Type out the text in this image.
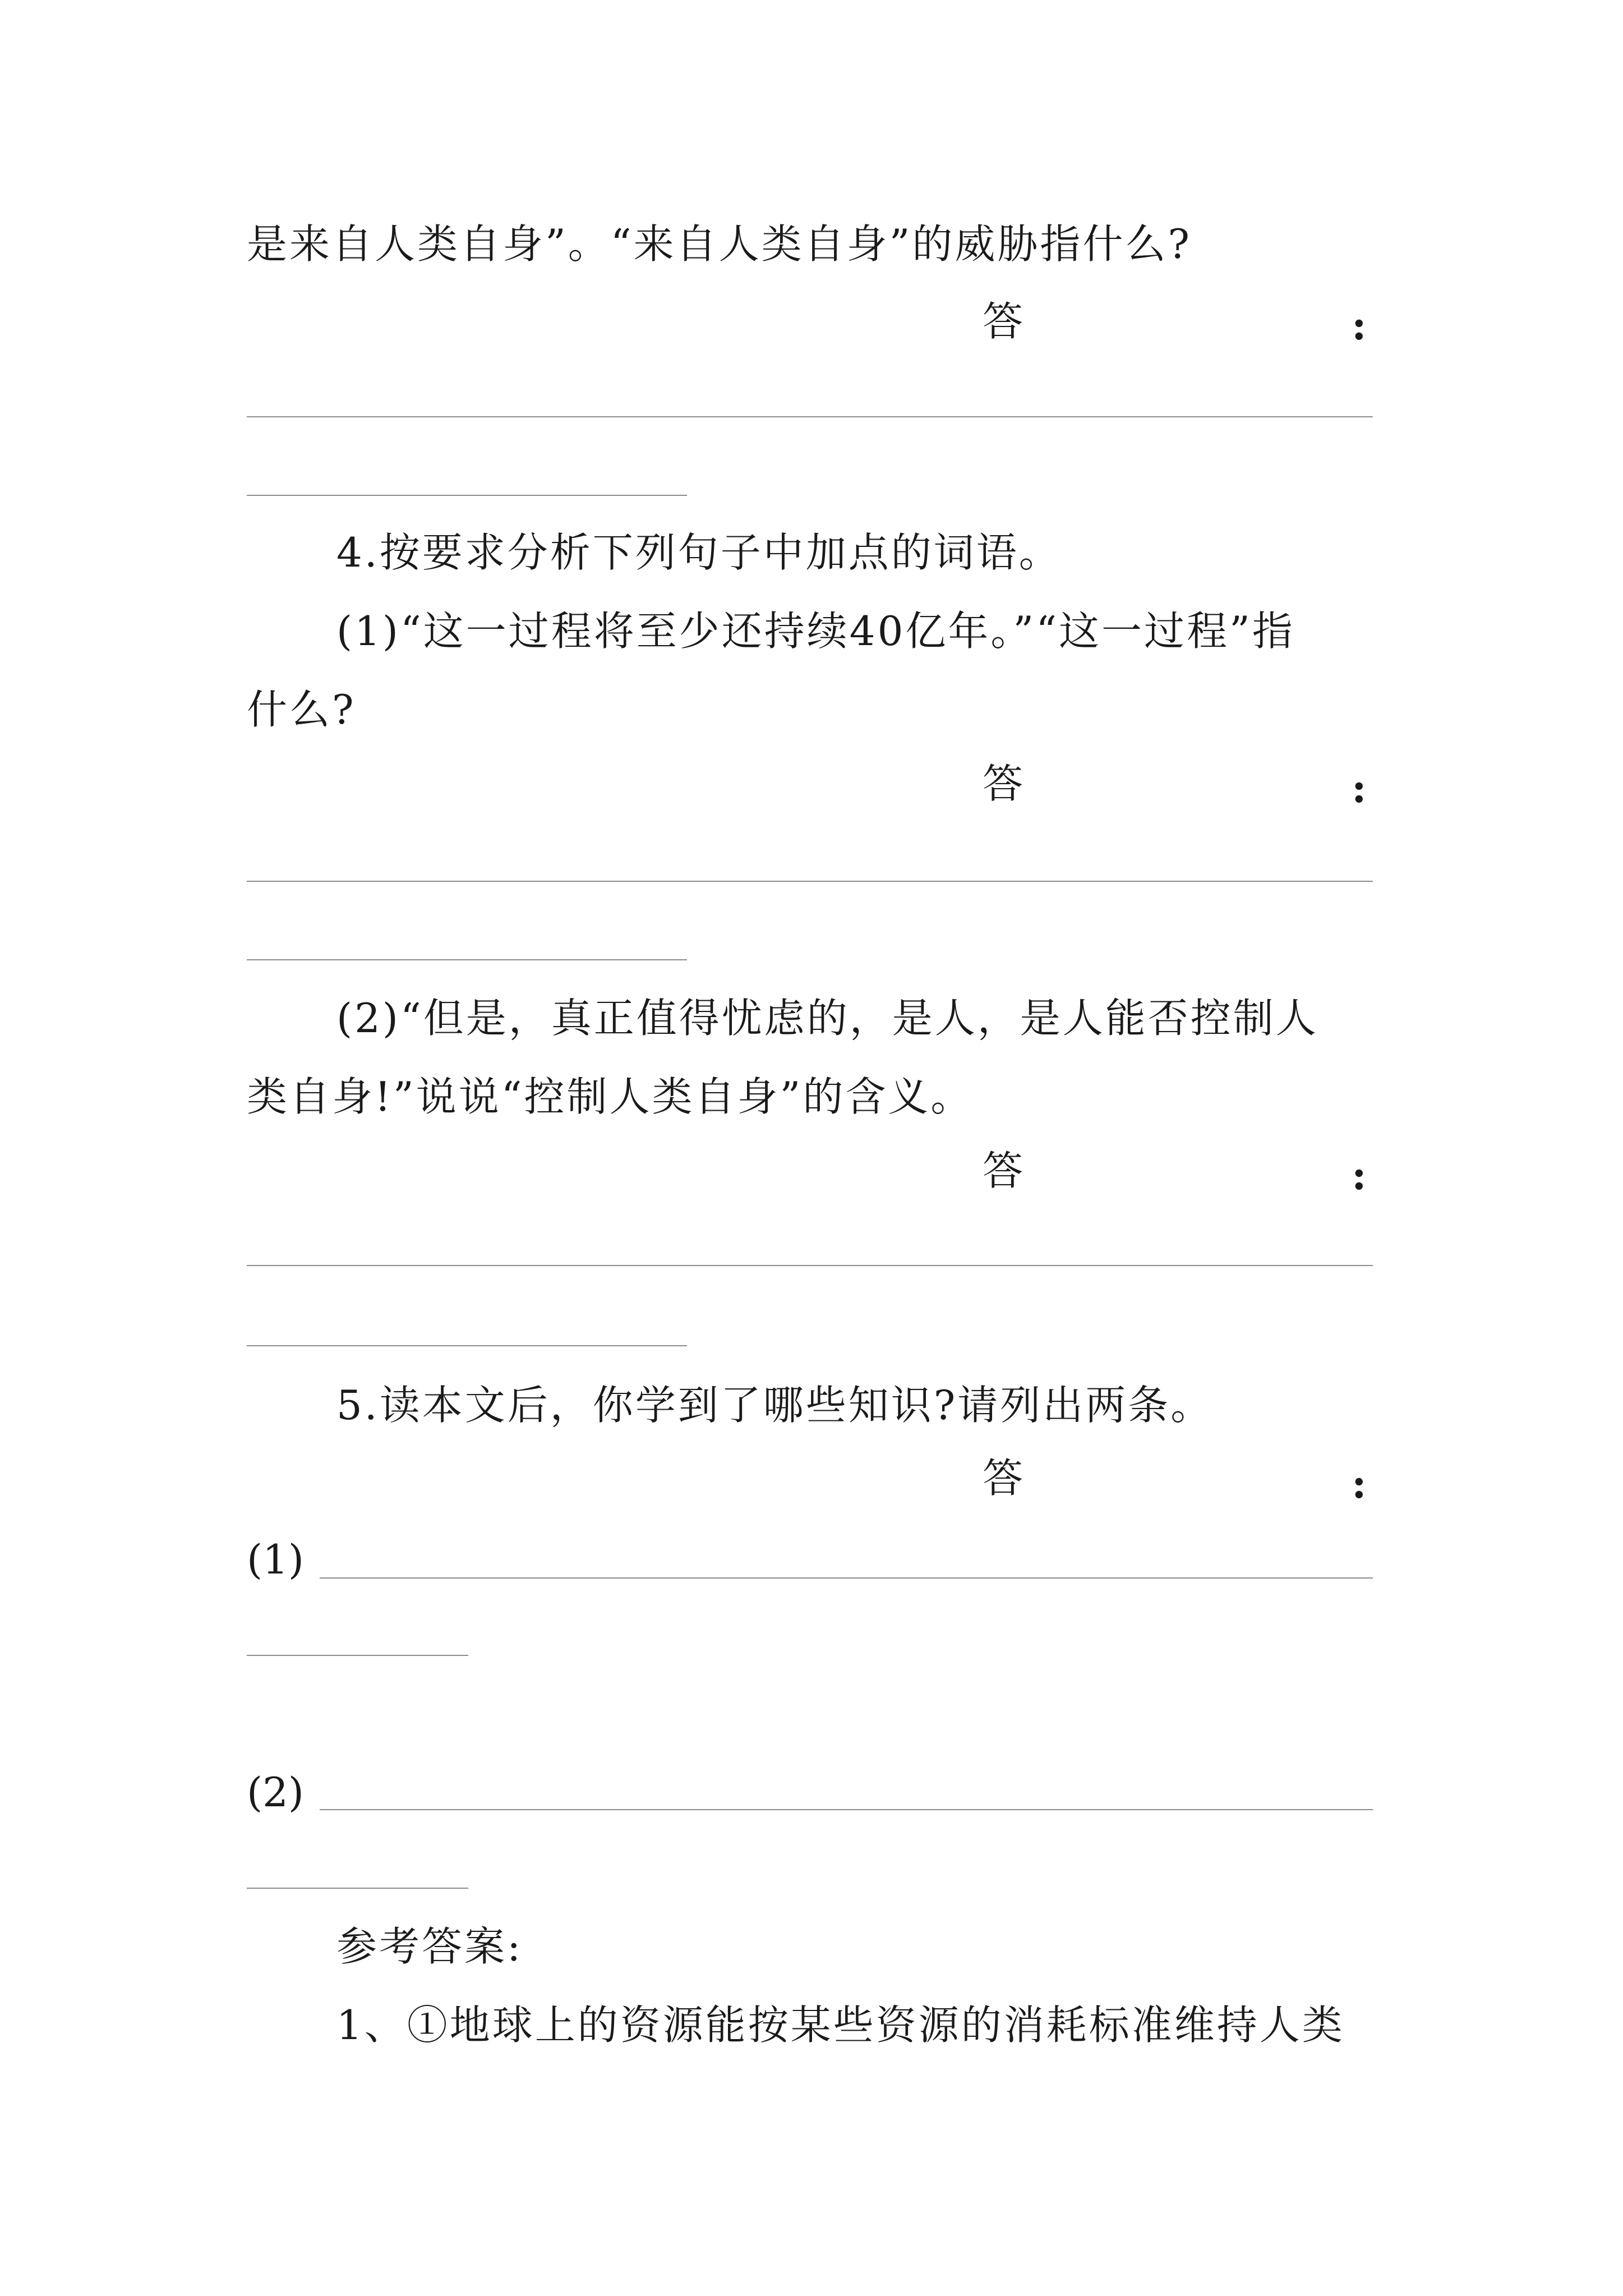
是来自人类自身”。“来自人类自身”的威胁指什么?
答	:
4.按要求分析下列句子中加点的词语。
(1)“这一过程将至少还持续40亿年。”“这一过程”指
什么?
答	:
(2)“但是，真正值得忧虑的，是人，是人能否控制人
类自身!”说说“控制人类自身”的含义。
答	:
5.读本文后，你学到了哪些知识?请列出两条。
答	:
(1)
(2)
参考答案:
1、①地球上的资源能按某些资源的消耗标准维持人类
